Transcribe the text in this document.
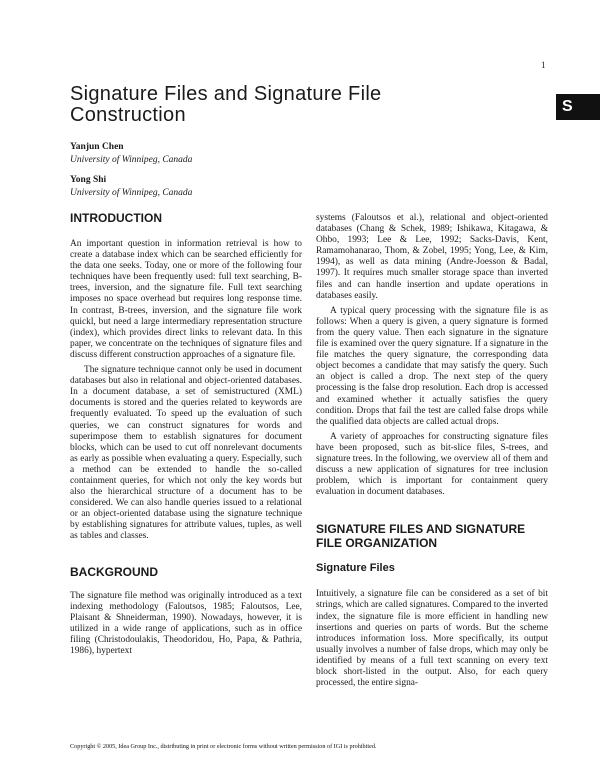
1
S
Signature Files and Signature File Construction
Yanjun Chen
University of Winnipeg, Canada
Yong Shi
University of Winnipeg, Canada
INTRODUCTION

An important question in information retrieval is how to create a database index which can be searched efficiently for the data one seeks. Today, one or more of the following four techniques have been frequently used: full text searching, B-trees, inversion, and the signature file. Full text searching imposes no space overhead but requires long response time. In contrast, B-trees, inversion, and the signature file work quickl, but need a large intermediary representation structure (index), which provides direct links to relevant data. In this paper, we concentrate on the techniques of signature files and discuss different construction approaches of a signature file.

The signature technique cannot only be used in document databases but also in relational and object-oriented databases. In a document database, a set of semistructured (XML) documents is stored and the queries related to keywords are frequently evaluated. To speed up the evaluation of such queries, we can construct signatures for words and superimpose them to establish signatures for document blocks, which can be used to cut off nonrelevant documents as early as possible when evaluating a query. Especially, such a method can be extended to handle the so-called containment queries, for which not only the key words but also the hierarchical structure of a document has to be considered. We can also handle queries issued to a relational or an object-oriented database using the signature technique by establishing signatures for attribute values, tuples, as well as tables and classes.

BACKGROUND

The signature file method was originally introduced as a text indexing methodology (Faloutsos, 1985; Faloutsos, Lee, Plaisant & Shneiderman, 1990). Nowadays, however, it is utilized in a wide range of applications, such as in office filing (Christodoulakis, Theodoridou, Ho, Papa, & Pathria, 1986), hypertext

systems (Faloutsos et al.), relational and object-oriented databases (Chang & Schek, 1989; Ishikawa, Kitagawa, & Ohbo, 1993; Lee & Lee, 1992; Sacks-Davis, Kent, Ramamohanarao, Thom, & Zobel, 1995; Yong, Lee, & Kim, 1994), as well as data mining (Andre-Joesson & Badal, 1997). It requires much smaller storage space than inverted files and can handle insertion and update operations in databases easily.

A typical query processing with the signature file is as follows: When a query is given, a query signature is formed from the query value. Then each signature in the signature file is examined over the query signature. If a signature in the file matches the query signature, the corresponding data object becomes a candidate that may satisfy the query. Such an object is called a drop. The next step of the query processing is the false drop resolution. Each drop is accessed and examined whether it actually satisfies the query condition. Drops that fail the test are called false drops while the qualified data objects are called actual drops.

A variety of approaches for constructing signature files have been proposed, such as bit-slice files, S-trees, and signature trees. In the following, we overview all of them and discuss a new application of signatures for tree inclusion problem, which is important for containment query evaluation in document databases.

SIGNATURE FILES AND SIGNATURE FILE ORGANIZATION
Signature Files

Intuitively, a signature file can be considered as a set of bit strings, which are called signatures. Compared to the inverted index, the signature file is more efficient in handling new insertions and queries on parts of words. But the scheme introduces information loss. More specifically, its output usually involves a number of false drops, which may only be identified by means of a full text scanning on every text block short-listed in the output. Also, for each query processed, the entire signa-

Copyright © 2005, Idea Group Inc., distributing in print or electronic forms without written permission of IGI is prohibited.
